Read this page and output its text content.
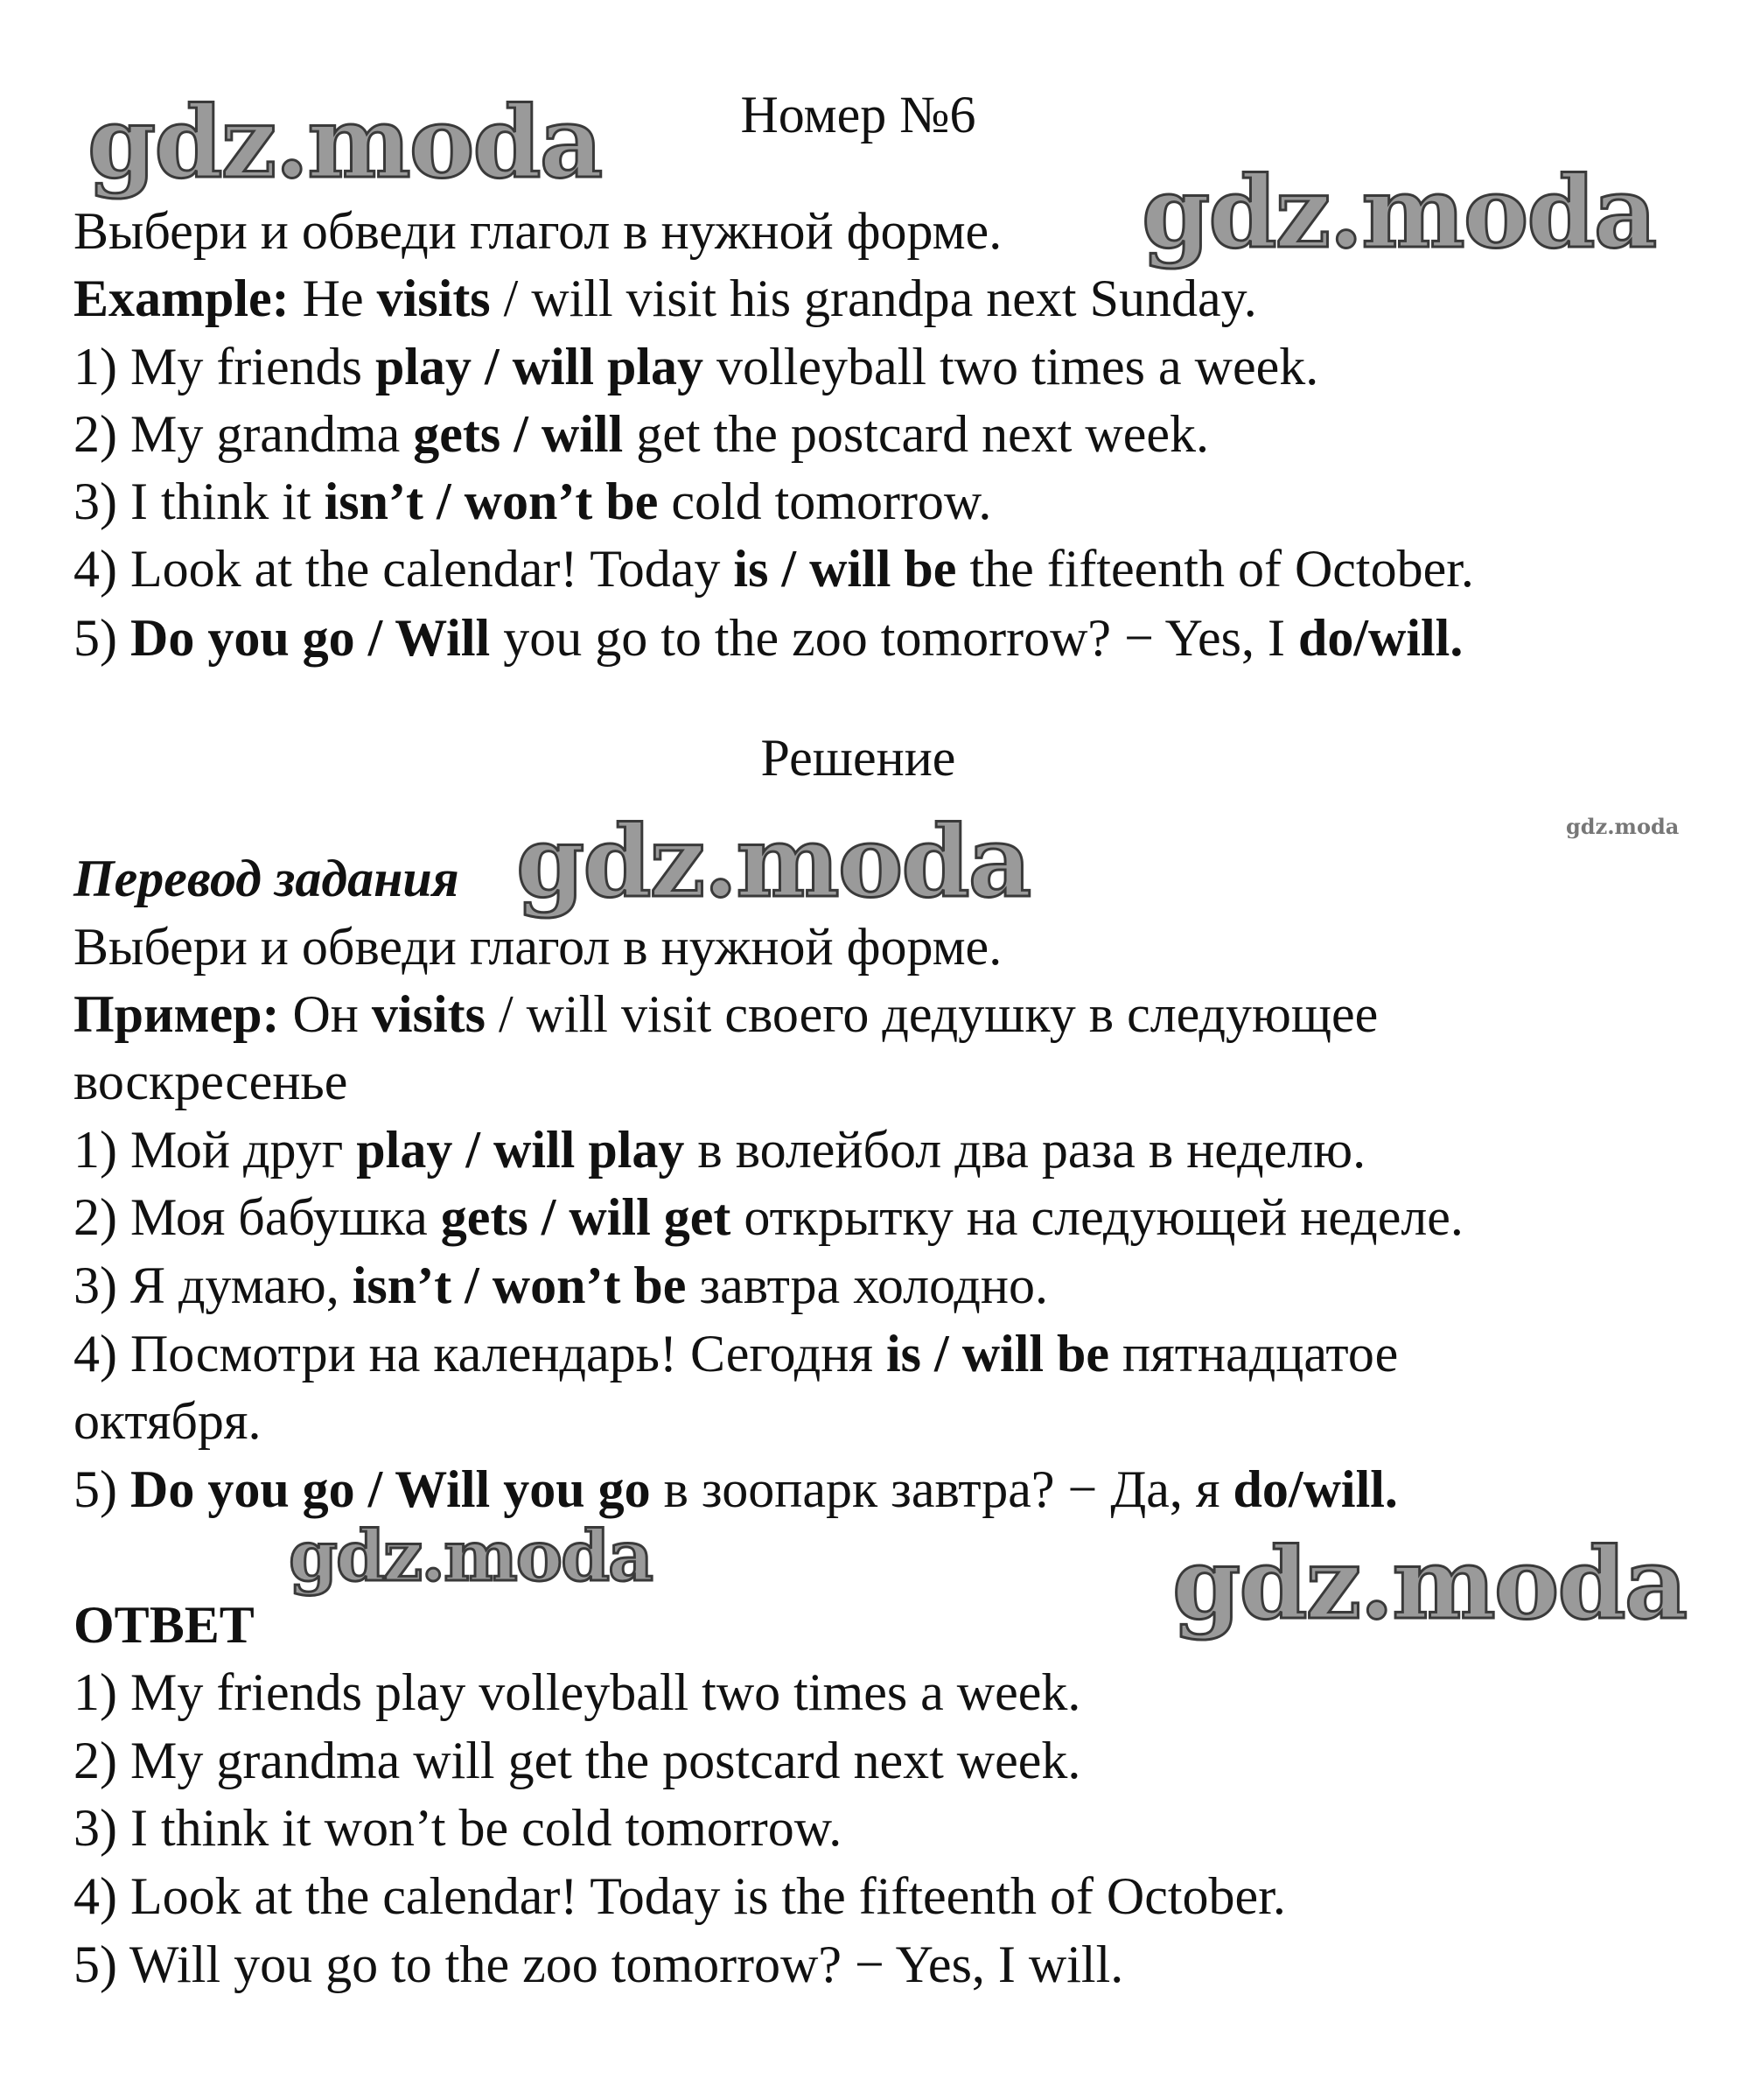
gdz.moda
gdz.moda
gdz.moda	gdz.moda
gdz.moda	gdz.moda
Номер №6
Выбери и обведи глагол в нужной форме.
Example: He visits / will visit his grandpa next Sunday.
1) My friends play / will play volleyball two times a week.
2) My grandma gets / will get the postcard next week.
3) I think it isn’t / won’t be cold tomorrow.
4) Look at the calendar! Today is / will be the fifteenth of October.
5) Do you go / Will you go to the zoo tomorrow? − Yes, I do/will.
Перевод задания
Выбери и обведи глагол в нужной форме.
Пример: Он visits / will visit своего дедушку в следующее
воскресенье
1) Мой друг play / will play в волейбол два раза в неделю.
2) Моя бабушка gets / will get открытку на следующей неделе.
3) Я думаю, isn’t / won’t be завтра холодно.
4) Посмотри на календарь! Сегодня is / will be пятнадцатое
октября.
5) Do you go / Will you go в зоопарк завтра? − Да, я do/will.
ОТВЕТ
1) My friends play volleyball two times a week.
2) My grandma will get the postcard next week.
3) I think it won’t be cold tomorrow.
4) Look at the calendar! Today is the fifteenth of October.
5) Will you go to the zoo tomorrow? − Yes, I will.
Решение
